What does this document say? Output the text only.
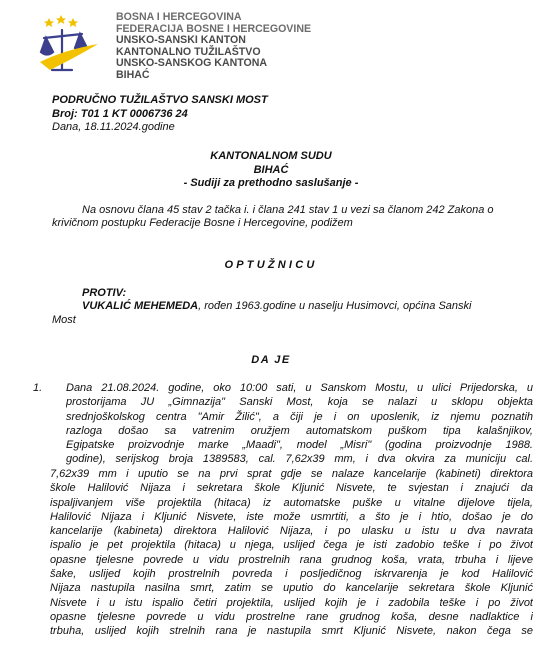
BOSNA I HERCEGOVINA
FEDERACIJA BOSNE I HERCEGOVINE
UNSKO-SANSKI KANTON
KANTONALNO TUŽILAŠTVO
UNSKO-SANSKOG KANTONA
BIHAĆ
PODRUČNO TUŽILAŠTVO SANSKI MOST
Broj: T01 1 KT 0006736 24
Dana, 18.11.2024.godine
KANTONALNOM SUDU
BIHAĆ
- Sudiji za prethodno saslušanje -
Na osnovu člana 45 stav 2 tačka i. i člana 241 stav 1 u vezi sa članom 242 Zakona o krivičnom postupku Federacije Bosne i Hercegovine, podižem
OPTUŽNICU
PROTIV:
VUKALIĆ MEHEMEDA, rođen 1963.godine u naselju Husimovci, općina Sanski
Most
DA JE
1. Dana 21.08.2024. godine, oko 10:00 sati, u Sanskom Mostu, u ulici Prijedorska, u
prostorijama JU „Gimnazija" Sanski Most, koja se nalazi u sklopu objekta
srednjoškolskog centra "Amir Žilić", a čiji je i on uposlenik, iz njemu poznatih
razloga došao sa vatrenim oružjem automatskom puškom tipa kalašnjikov,
Egipatske proizvodnje marke „Maadi", model „Misri" (godina proizvodnje 1988.
godine), serijskog broja 1389583, cal. 7,62x39 mm, i dva okvira za municiju cal.
7,62x39 mm i uputio se na prvi sprat gdje se nalaze kancelarije (kabineti) direktora
škole Halilović Nijaza i sekretara škole Kljunić Nisvete, te svjestan i znajući da
ispaljivanjem više projektila (hitaca) iz automatske puške u vitalne dijelove tijela,
Halilović Nijaza i Kljunić Nisvete, iste može usmrtiti, a što je i htio, došao je do
kancelarije (kabineta) direktora Halilović Nijaza, i po ulasku u istu u dva navrata
ispalio je pet projektila (hitaca) u njega, uslijed čega je isti zadobio teške i po život
opasne tjelesne povrede u vidu prostrelnih rana grudnog koša, vrata, trbuha i lijeve
šake, uslijed kojih prostrelnih povreda i posljedičnog iskrvarenja je kod Halilović
Nijaza nastupila nasilna smrt, zatim se uputio do kancelarije sekretara škole Kljunić
Nisvete i u istu ispalio četiri projektila, uslijed kojih je i zadobila teške i po život
opasne tjelesne povrede u vidu prostrelne rane grudnog koša, desne nadlaktice i
trbuha, uslijed kojih strelnih rana je nastupila smrt Kljunić Nisvete, nakon čega se
